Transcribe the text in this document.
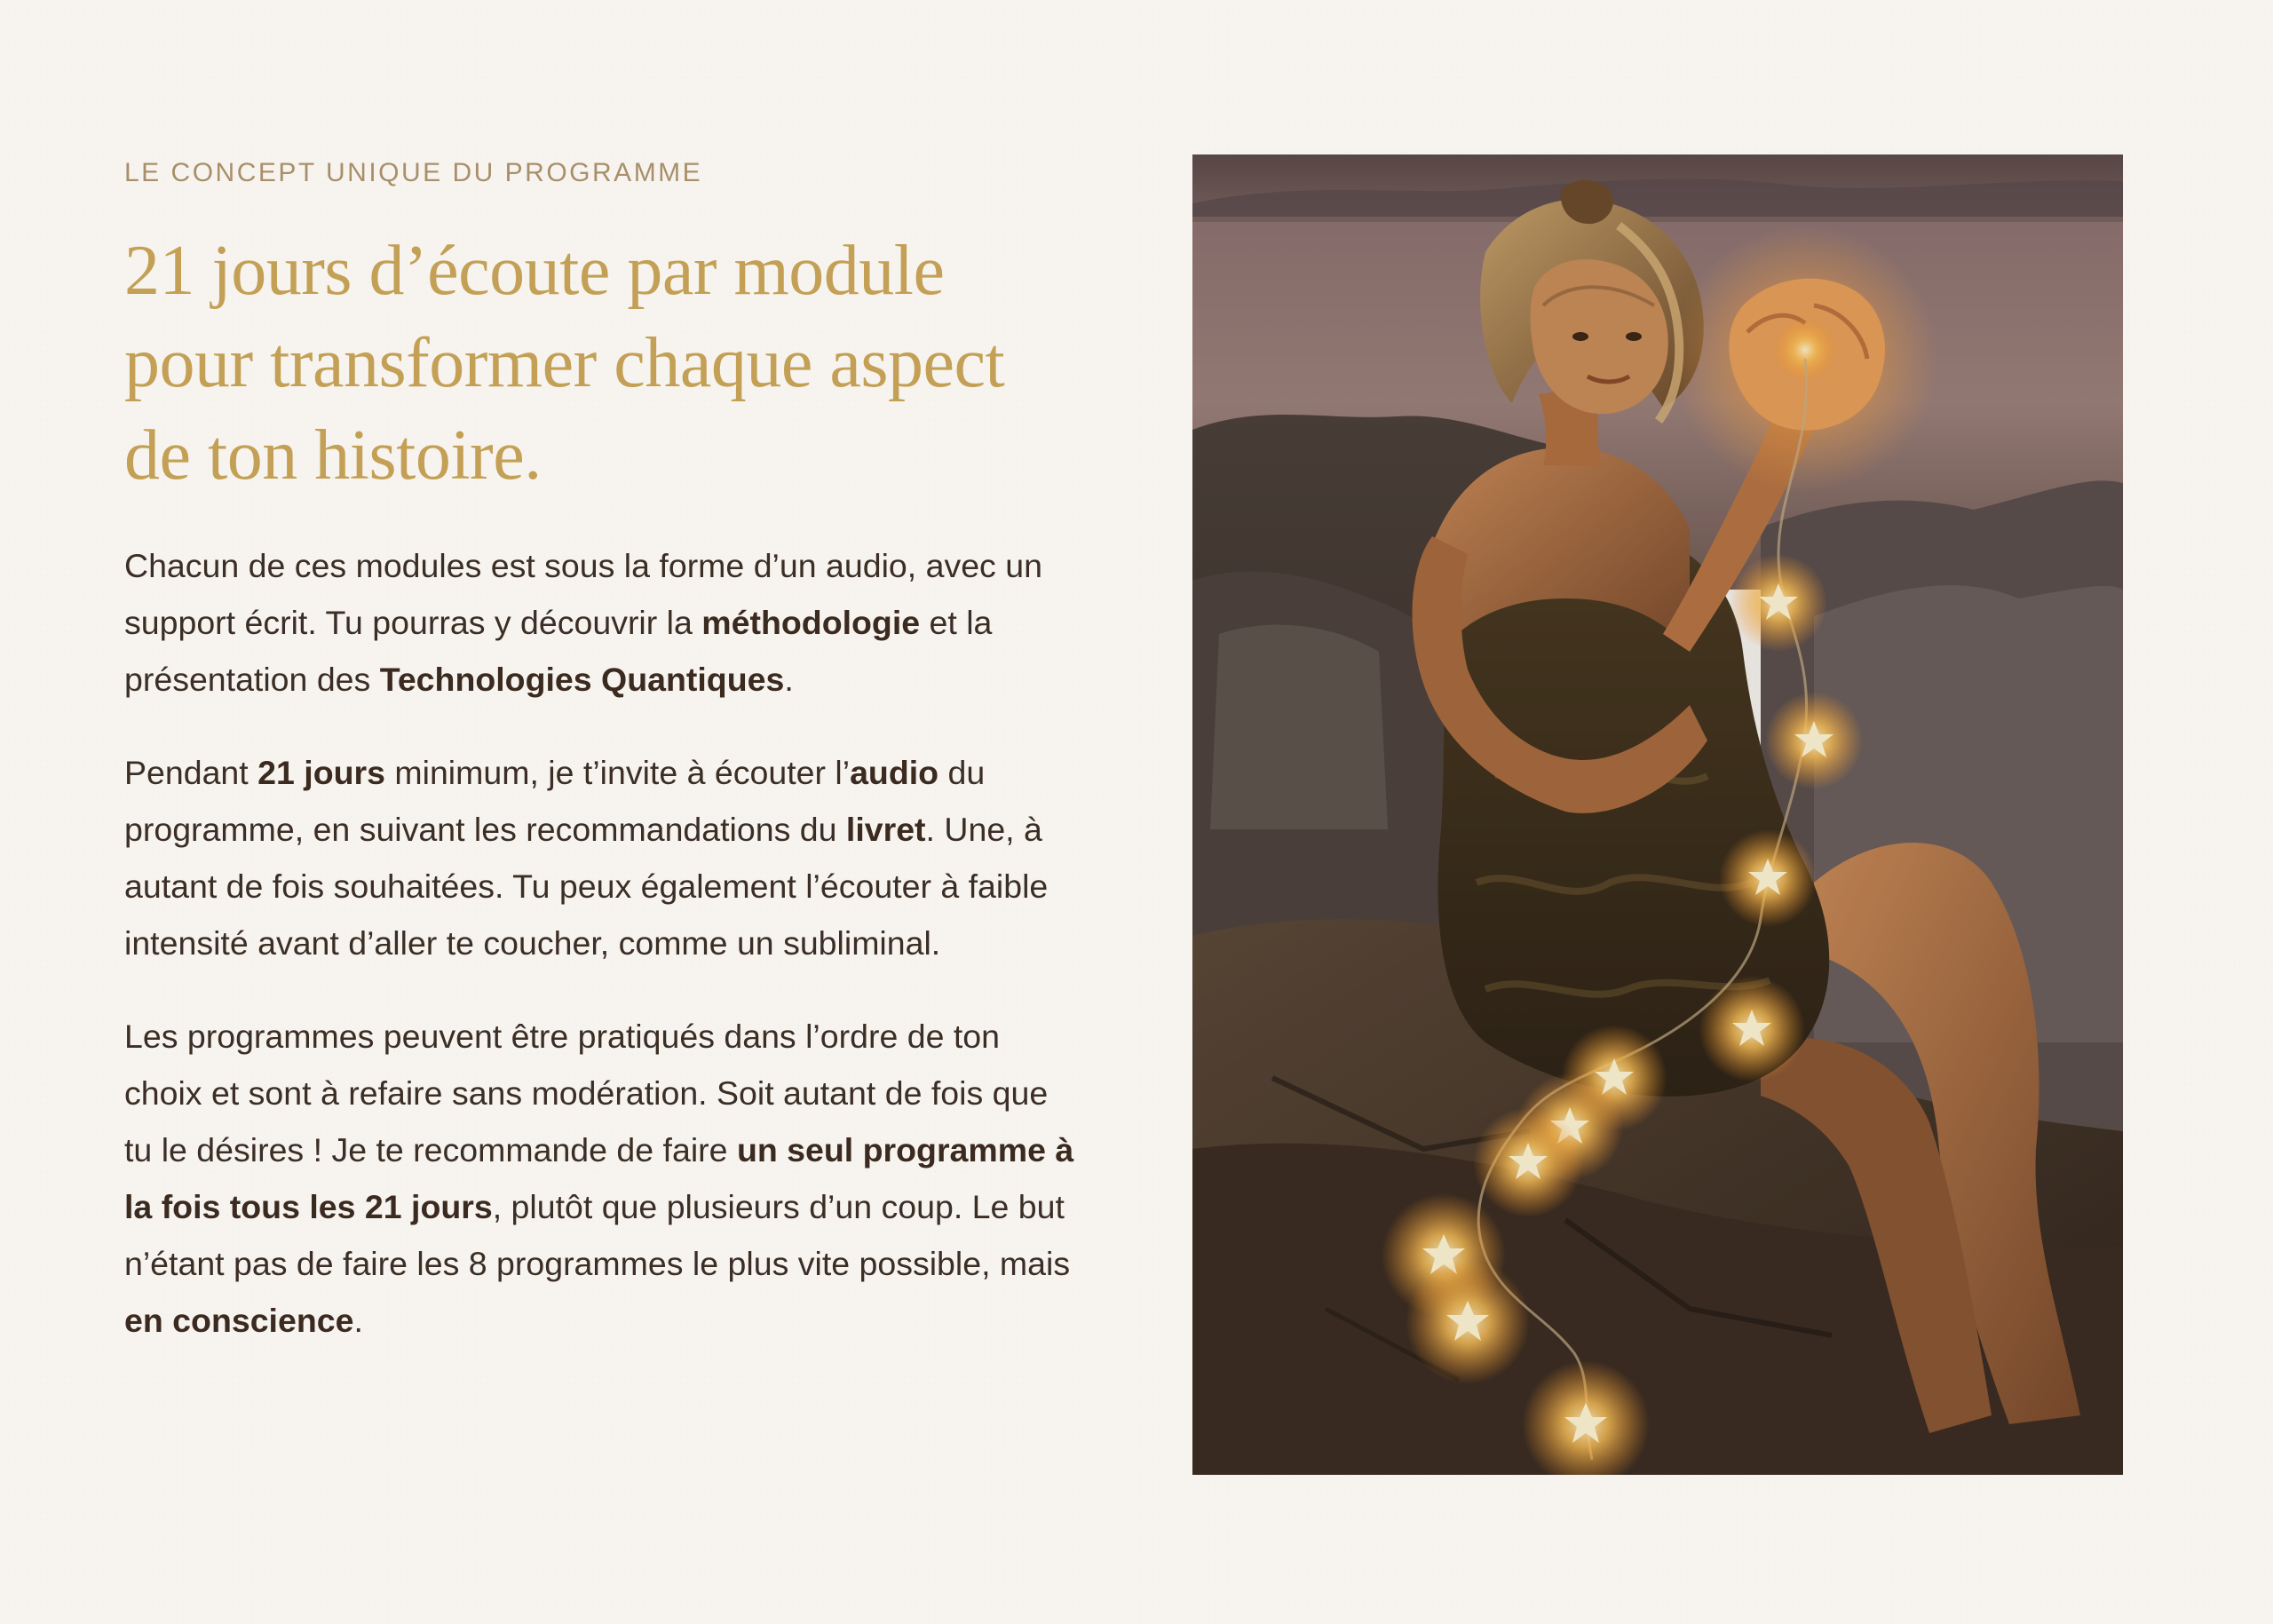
LE CONCEPT UNIQUE DU PROGRAMME
21 jours d’écoute par module pour transformer chaque aspect de ton histoire.

Chacun de ces modules est sous la forme d’un audio, avec un support écrit. Tu pourras y découvrir la méthodologie et la présentation des Technologies Quantiques.

Pendant 21 jours minimum, je t’invite à écouter l’audio du programme, en suivant les recommandations du livret. Une, à autant de fois souhaitées. Tu peux également l’écouter à faible intensité avant d’aller te coucher, comme un subliminal.

Les programmes peuvent être pratiqués dans l’ordre de ton choix et sont à refaire sans modération. Soit autant de fois que tu le désires ! Je te recommande de faire un seul programme à la fois tous les 21 jours, plutôt que plusieurs d’un coup. Le but n’étant pas de faire les 8 programmes le plus vite possible, mais en conscience.
